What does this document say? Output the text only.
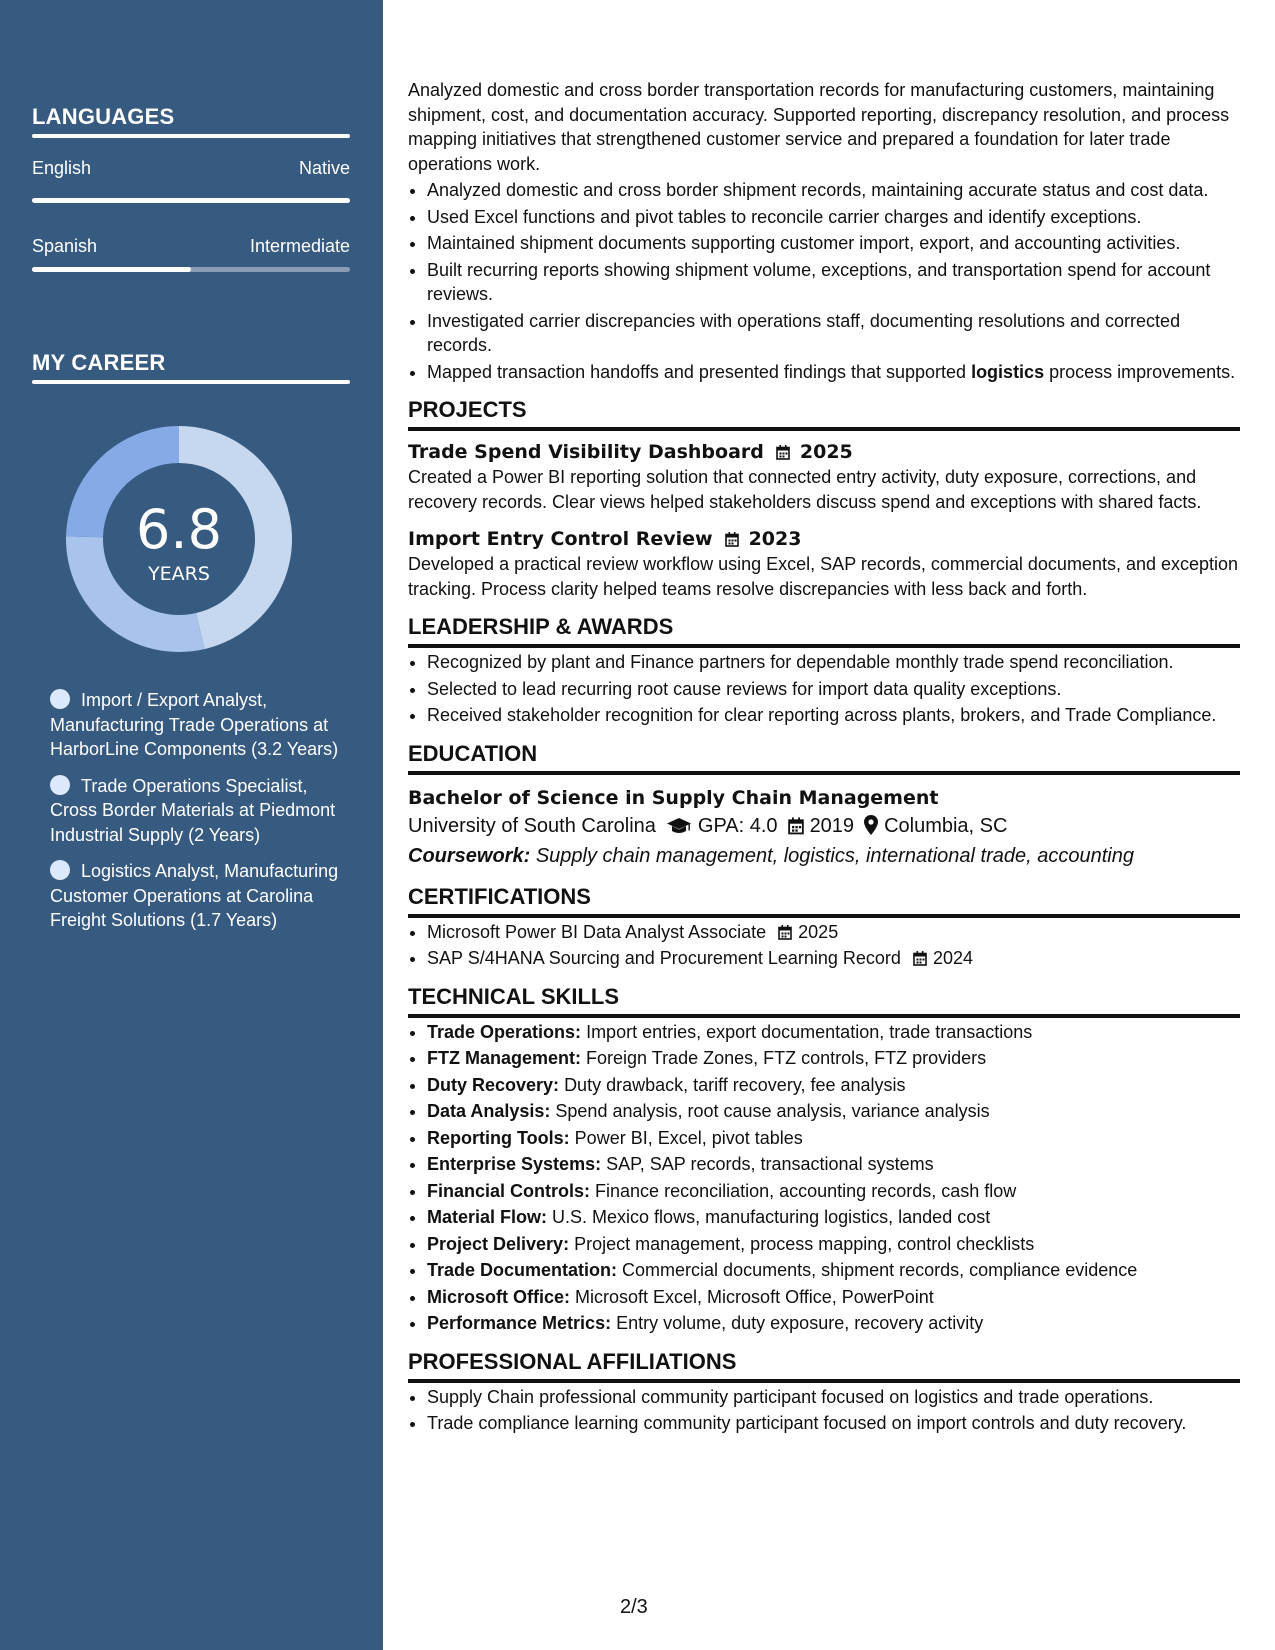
LANGUAGES
English	Native
Spanish	Intermediate
MY CAREER
6.8
YEARS
Import / Export Analyst, Manufacturing Trade Operations at HarborLine Components (3.2 Years)
Trade Operations Specialist, Cross Border Materials at Piedmont Industrial Supply (2 Years)
Logistics Analyst, Manufacturing Customer Operations at Carolina Freight Solutions (1.7 Years)

Analyzed domestic and cross border transportation records for manufacturing customers, maintaining shipment, cost, and documentation accuracy. Supported reporting, discrepancy resolution, and process mapping initiatives that strengthened customer service and prepared a foundation for later trade operations work.

• Analyzed domestic and cross border shipment records, maintaining accurate status and cost data.
• Used Excel functions and pivot tables to reconcile carrier charges and identify exceptions.
• Maintained shipment documents supporting customer import, export, and accounting activities.
• Built recurring reports showing shipment volume, exceptions, and transportation spend for account reviews.
• Investigated carrier discrepancies with operations staff, documenting resolutions and corrected records.
• Mapped transaction handoffs and presented findings that supported logistics process improvements.
PROJECTS
Trade Spend Visibility Dashboard 2025

Created a Power BI reporting solution that connected entry activity, duty exposure, corrections, and recovery records. Clear views helped stakeholders discuss spend and exceptions with shared facts.

Import Entry Control Review 2023

Developed a practical review workflow using Excel, SAP records, commercial documents, and exception tracking. Process clarity helped teams resolve discrepancies with less back and forth.

LEADERSHIP & AWARDS
• Recognized by plant and Finance partners for dependable monthly trade spend reconciliation.
• Selected to lead recurring root cause reviews for import data quality exceptions.
• Received stakeholder recognition for clear reporting across plants, brokers, and Trade Compliance.
EDUCATION
Bachelor of Science in Supply Chain Management
University of South Carolina GPA: 4.0 2019 Columbia, SC
Coursework: Supply chain management, logistics, international trade, accounting
CERTIFICATIONS
• Microsoft Power BI Data Analyst Associate 2025
• SAP S/4HANA Sourcing and Procurement Learning Record 2024
TECHNICAL SKILLS
• Trade Operations: Import entries, export documentation, trade transactions
• FTZ Management: Foreign Trade Zones, FTZ controls, FTZ providers
• Duty Recovery: Duty drawback, tariff recovery, fee analysis
• Data Analysis: Spend analysis, root cause analysis, variance analysis
• Reporting Tools: Power BI, Excel, pivot tables
• Enterprise Systems: SAP, SAP records, transactional systems
• Financial Controls: Finance reconciliation, accounting records, cash flow
• Material Flow: U.S. Mexico flows, manufacturing logistics, landed cost
• Project Delivery: Project management, process mapping, control checklists
• Trade Documentation: Commercial documents, shipment records, compliance evidence
• Microsoft Office: Microsoft Excel, Microsoft Office, PowerPoint
• Performance Metrics: Entry volume, duty exposure, recovery activity
PROFESSIONAL AFFILIATIONS
• Supply Chain professional community participant focused on logistics and trade operations.
• Trade compliance learning community participant focused on import controls and duty recovery.
2/3
